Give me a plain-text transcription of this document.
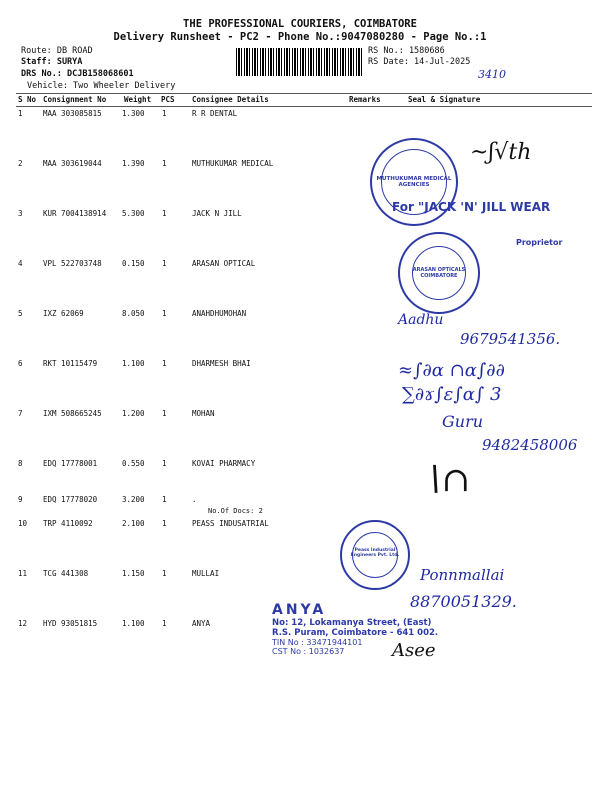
THE PROFESSIONAL COURIERS, COIMBATORE
Delivery Runsheet - PC2 - Phone No.:9047080280 - Page No.:1
Route: DB ROAD
Staff: SURYA
DRS No.: DCJB158068601
Vehicle: Two Wheeler Delivery
RS No.: 1580686
RS Date: 14-Jul-2025
3410
S No Consignment No Weight PCS Consignee Details	Remarks	Seal & Signature
1	MAA 303085815	1.300 1	R R DENTAL
2	MAA 303619044	1.390 1	MUTHUKUMAR MEDICAL
3	KUR 7004138914 5.300 1	JACK N JILL
4	VPL 522703748	0.150 1	ARASAN OPTICAL
5	IXZ 62069	8.050 1	ANAHDHUMOHAN
6	RKT 10115479	1.100 1	DHARMESH BHAI
7	IXM 508665245	1.200 1	MOHAN
8	EDQ 17778001	0.550 1	KOVAI PHARMACY
9	EDQ 17778020	3.200 1	.
No.Of Docs: 2
10 TRP 4110092	2.100 1	PEASS INDUSATRIAL
11 TCG 441308	1.150 1	MULLAI
12 HYD 93051815	1.100 1	ANYA
MUTHUKUMAR MEDICAL AGENCIES
~ʃ√th
For "JACK 'N' JILL WEAR
Proprietor
ARASAN OPTICALS COIMBATORE
Aadhu
9679541356.
≈∫∂ɑ ∩ɑ∫∂∂
∑∂ɤ∫ɛ∫ɑ∫ 3
Guru
9482458006
∖∩
Peass Industrial Engineers Pvt. Ltd.
Ponnmallai
8870051329.
ANYA
No: 12, Lokamanya Street, (East)
R.S. Puram, Coimbatore - 641 002.
TIN No : 33471944101
CST No : 1032637	Asee
